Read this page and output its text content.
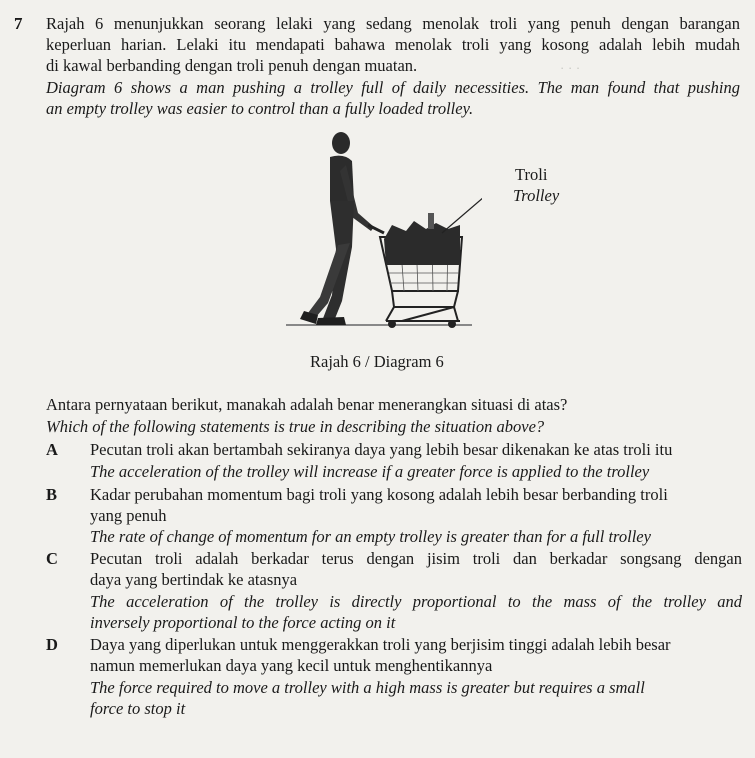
· · ·
7 Rajah 6 menunjukkan seorang lelaki yang sedang menolak troli yang penuh dengan barangan
keperluan harian. Lelaki itu mendapati bahawa menolak troli yang kosong adalah lebih mudah
di kawal berbanding dengan troli penuh dengan muatan.
Diagram 6 shows a man pushing a trolley full of daily necessities. The man found that pushing
an empty trolley was easier to control than a fully loaded trolley.
Troli
Trolley
Rajah 6 / Diagram 6
Antara pernyataan berikut, manakah adalah benar menerangkan situasi di atas?
Which of the following statements is true in describing the situation above?
A Pecutan troli akan bertambah sekiranya daya yang lebih besar dikenakan ke atas troli itu
The acceleration of the trolley will increase if a greater force is applied to the trolley
B Kadar perubahan momentum bagi troli yang kosong adalah lebih besar berbanding troli
yang penuh
The rate of change of momentum for an empty trolley is greater than for a full trolley
C Pecutan troli adalah berkadar terus dengan jisim troli dan berkadar songsang dengan
daya yang bertindak ke atasnya
The acceleration of the trolley is directly proportional to the mass of the trolley and
inversely proportional to the force acting on it
D Daya yang diperlukan untuk menggerakkan troli yang berjisim tinggi adalah lebih besar
namun memerlukan daya yang kecil untuk menghentikannya
The force required to move a trolley with a high mass is greater but requires a small
force to stop it
